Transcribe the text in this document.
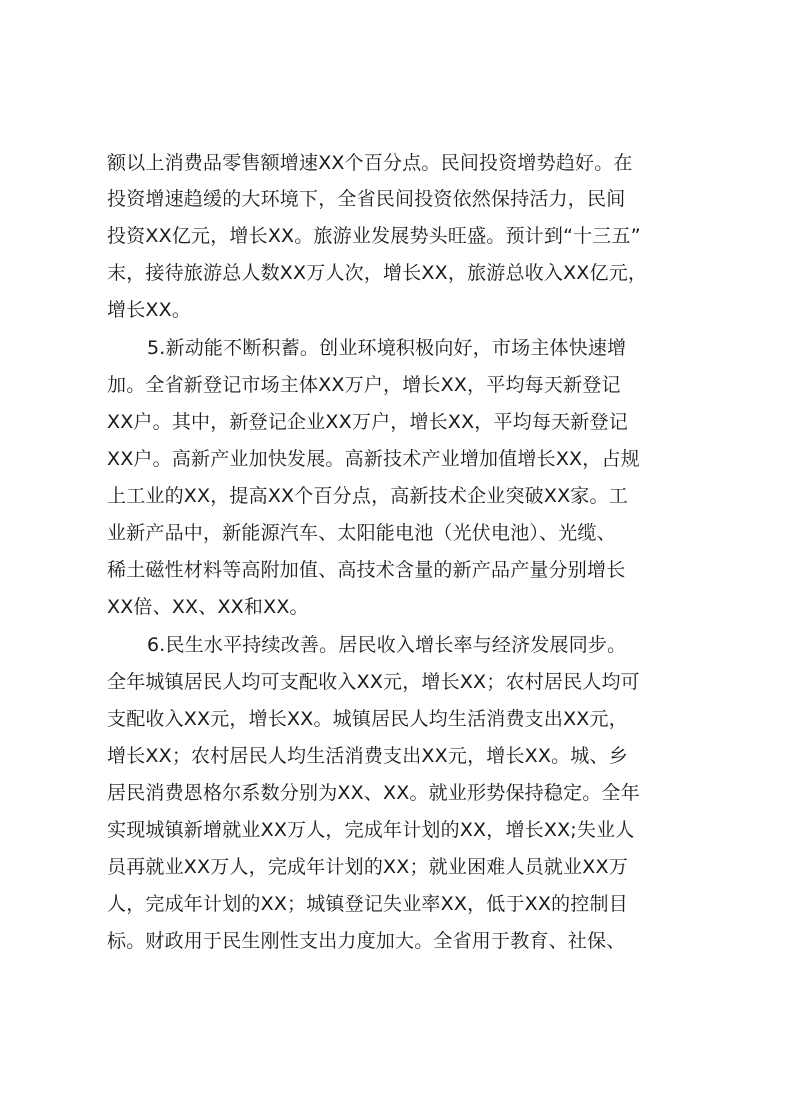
额以上消费品零售额增速XX个百分点。民间投资增势趋好。在
投资增速趋缓的大环境下，全省民间投资依然保持活力，民间
投资XX亿元，增长XX。旅游业发展势头旺盛。预计到“十三五”
末，接待旅游总人数XX万人次，增长XX，旅游总收入XX亿元，
增长XX。
5.新动能不断积蓄。创业环境积极向好，市场主体快速增
加。全省新登记市场主体XX万户，增长XX，平均每天新登记
XX户。其中，新登记企业XX万户，增长XX，平均每天新登记
XX户。高新产业加快发展。高新技术产业增加值增长XX，占规
上工业的XX，提高XX个百分点，高新技术企业突破XX家。工
业新产品中，新能源汽车、太阳能电池（光伏电池）、光缆、
稀土磁性材料等高附加值、高技术含量的新产品产量分别增长
XX倍、XX、XX和XX。
6.民生水平持续改善。居民收入增长率与经济发展同步。
全年城镇居民人均可支配收入XX元，增长XX；农村居民人均可
支配收入XX元，增长XX。城镇居民人均生活消费支出XX元，
增长XX；农村居民人均生活消费支出XX元，增长XX。城、乡
居民消费恩格尔系数分别为XX、XX。就业形势保持稳定。全年
实现城镇新增就业XX万人，完成年计划的XX，增长XX;失业人
员再就业XX万人，完成年计划的XX；就业困难人员就业XX万
人，完成年计划的XX；城镇登记失业率XX，低于XX的控制目
标。财政用于民生刚性支出力度加大。全省用于教育、社保、
